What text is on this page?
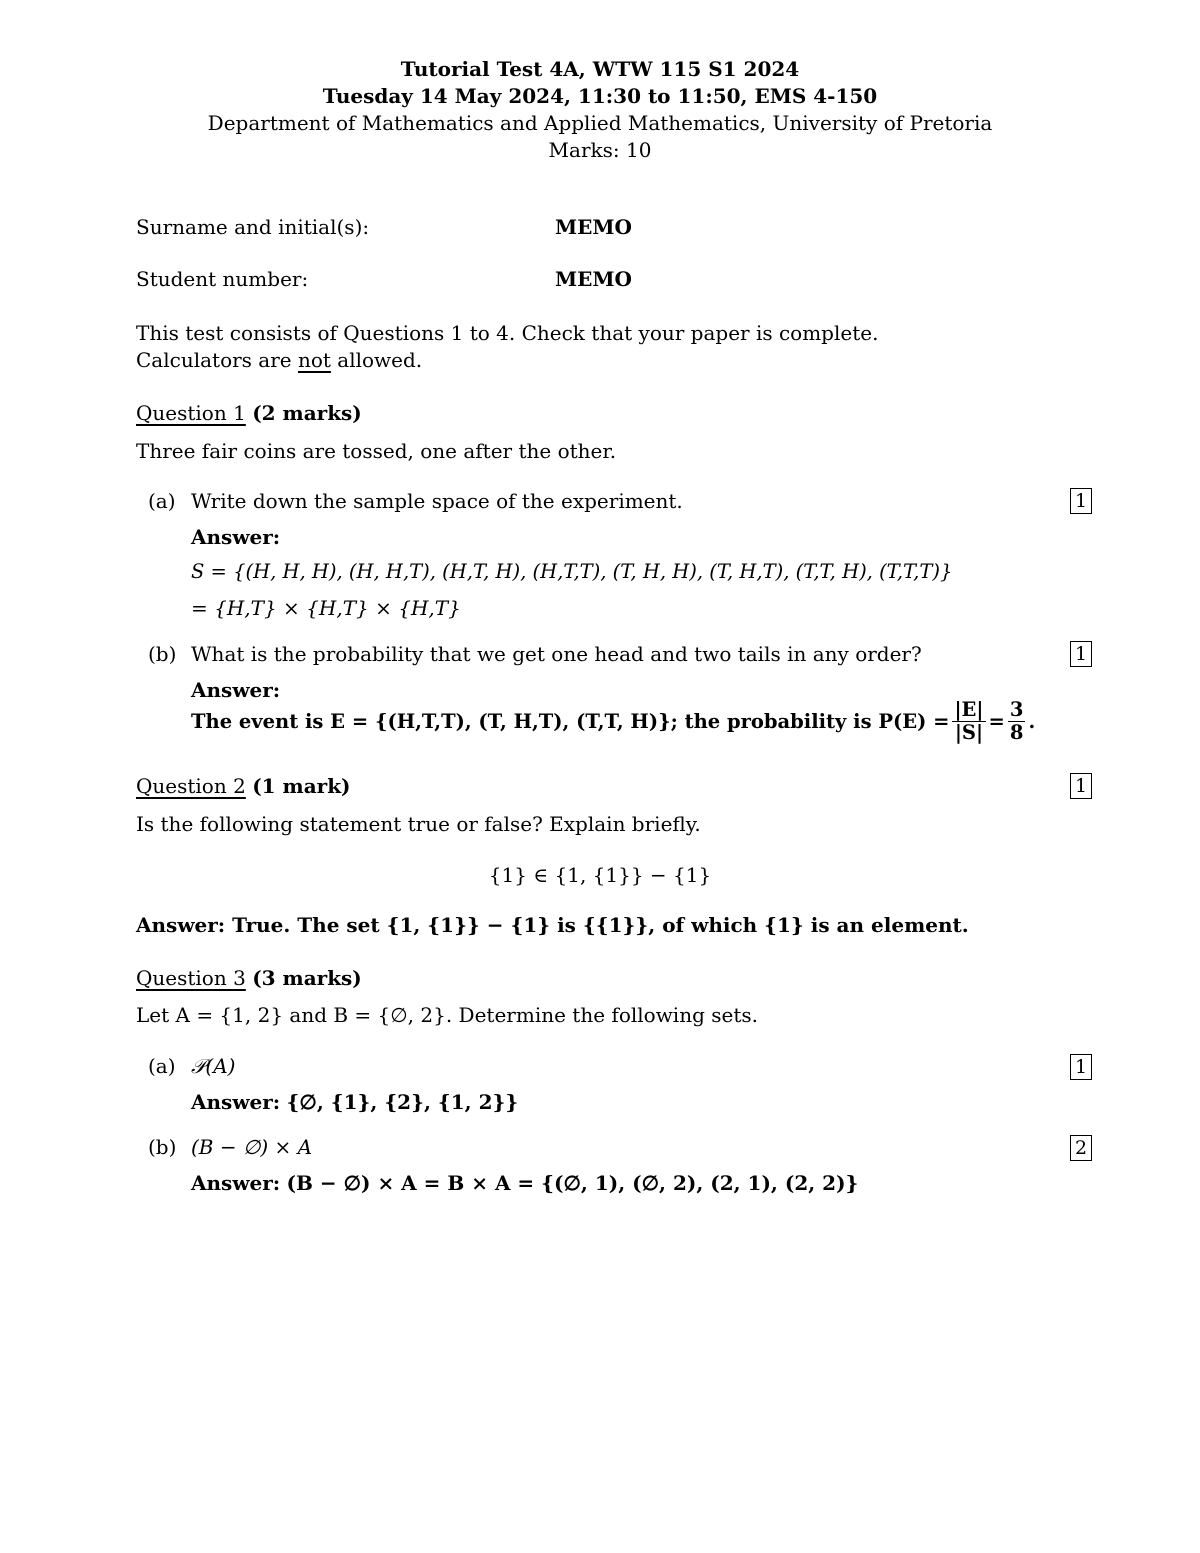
Tutorial Test 4A, WTW 115 S1 2024
Tuesday 14 May 2024, 11:30 to 11:50, EMS 4-150
Department of Mathematics and Applied Mathematics, University of Pretoria
Marks: 10
Surname and initial(s):	MEMO
Student number:	MEMO
This test consists of Questions 1 to 4. Check that your paper is complete.
Calculators are not allowed.
Question 1 (2 marks)
Three fair coins are tossed, one after the other.
(a) Write down the sample space of the experiment.	1
Answer:
S = {(H, H, H), (H, H,T), (H,T, H), (H,T,T), (T, H, H), (T, H,T), (T,T, H), (T,T,T)}
= {H,T} × {H,T} × {H,T}
(b) What is the probability that we get one head and two tails in any order?	1
Answer:
The event is E = {(H,T,T), (T, H,T), (T,T, H)}; the probability is $P(E) = \frac{|E|}{|S|} = \frac{3}{8}$ .
Question 2 (1 mark)	1
Is the following statement true or false? Explain briefly.
{1} ∈ {1, {1}} − {1}
Answer: True. The set {1, {1}} − {1} is {{1}}, of which {1} is an element.
Question 3 (3 marks)
Let A = {1, 2} and B = {∅, 2}. Determine the following sets.
(a) 𝒫(A)	1
Answer: {∅, {1}, {2}, {1, 2}}
(b) (B − ∅) × A	2
Answer: (B − ∅) × A = B × A = {(∅, 1), (∅, 2), (2, 1), (2, 2)}
